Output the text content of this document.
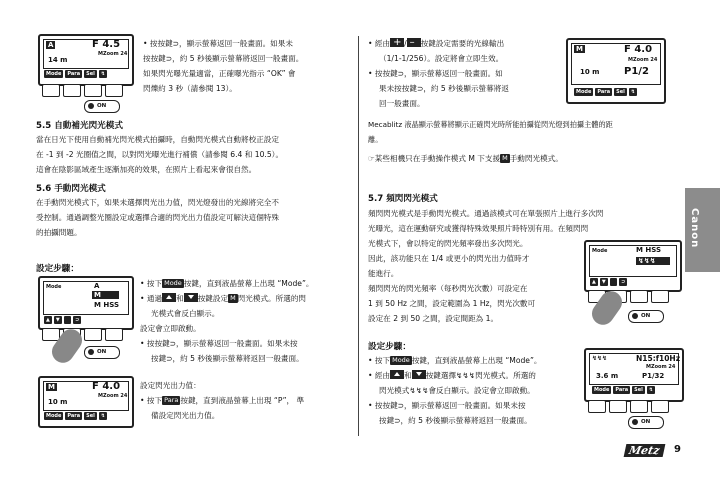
A	F 4.5
MZoom 24
14 m
Mode	Para	Sel	↯
ON
• 按按鍵⊃，顯示螢幕返回一般畫面。如果未
按按鍵⊃，約 5 秒後顯示螢幕將返回一般畫面。
如果閃光曝光量適當，正確曝光指示 “OK” 會
閃爍約 3 秒（請參閱 13）。
5.5 自動補光閃光模式
當在日光下使用自動補光閃光模式拍攝時，自動閃光模式自動將校正設定
在 -1 到 -2 光圈值之間，以對閃光曝光進行補償（請參閱 6.4 和 10.5）。
這會在陰影區域產生逐漸加亮的效果，在照片上看起來會很自然。
5.6 手動閃光模式
在手動閃光模式下，如果未選擇閃光出力值，閃光燈發出的光線將完全不
受控制。通過調整光圈設定或選擇合適的閃光出力值設定可解決這個特殊
的拍攝問題。
設定步驟：
Mode	A
M
M HSS
▲	▼
	⊃
ON
• 按下 Mode 按鍵，直到液晶螢幕上出現 “Mode”。
• 通過 和 按鍵設定 M 閃光模式。所選的閃
光模式會反白顯示。
設定會立即啟動。
• 按按鍵⊃，顯示螢幕返回一般畫面。如果未按
按鍵⊃，約 5 秒後顯示螢幕將返回一般畫面。
M	F 4.0
MZoom 24
10 m
Mode	Para	Sel	↯
設定閃光出力值：
• 按下 Para 按鍵，直到液晶螢幕上出現 “P”， 準
備設定閃光出力值。
• 經由 + / – 按鍵設定需要的光線輸出
（1/1-1/256）。設定將會立即生效。
• 按按鍵⊃，顯示螢幕返回一般畫面。如
果未按按鍵⊃，約 5 秒後顯示螢幕將返
回一般畫面。
M	F 4.0
MZoom 24
10 m P1/2
Mode	Para	Sel	↯
Mecablitz 液晶顯示螢幕將顯示正確閃光時所能拍攝從閃光燈到拍攝主體的距
離。
☞某些相機只在手動操作模式 M 下支援 M 手動閃光模式。
5.7 頻閃閃光模式
頻閃閃光模式是手動閃光模式。通過該模式可在單張照片上進行多次閃
光曝光，這在運動研究或獲得特殊效果照片時特別有用。在頻閃閃
光模式下，會以特定的閃光頻率發出多次閃光。
因此，該功能只在 1/4 或更小的閃光出力值時才
能進行。
頻閃閃光的閃光頻率（每秒閃光次數）可設定在
1 到 50 Hz 之間，設定範圍為 1 Hz，閃光次數可
設定在 2 到 50 之間，設定間距為 1。
Mode	M HSS
↯↯↯
▲	▼
	⊃
ON
設定步驟：
• 按下 Mode 按鍵，直到液晶螢幕上出現 “Mode”。
• 經由 和 按鍵選擇↯↯↯閃光模式。所選的
閃光模式↯↯↯會反白顯示。設定會立即啟動。
• 按按鍵⊃，顯示螢幕返回一般畫面。如果未按
按鍵⊃，約 5 秒後顯示螢幕將返回一般畫面。
↯↯↯	N15:f10Hz
MZoom 24
3.6 m	P1/32
Mode	Para	Sel	↯
ON
Canon
Metz	9
